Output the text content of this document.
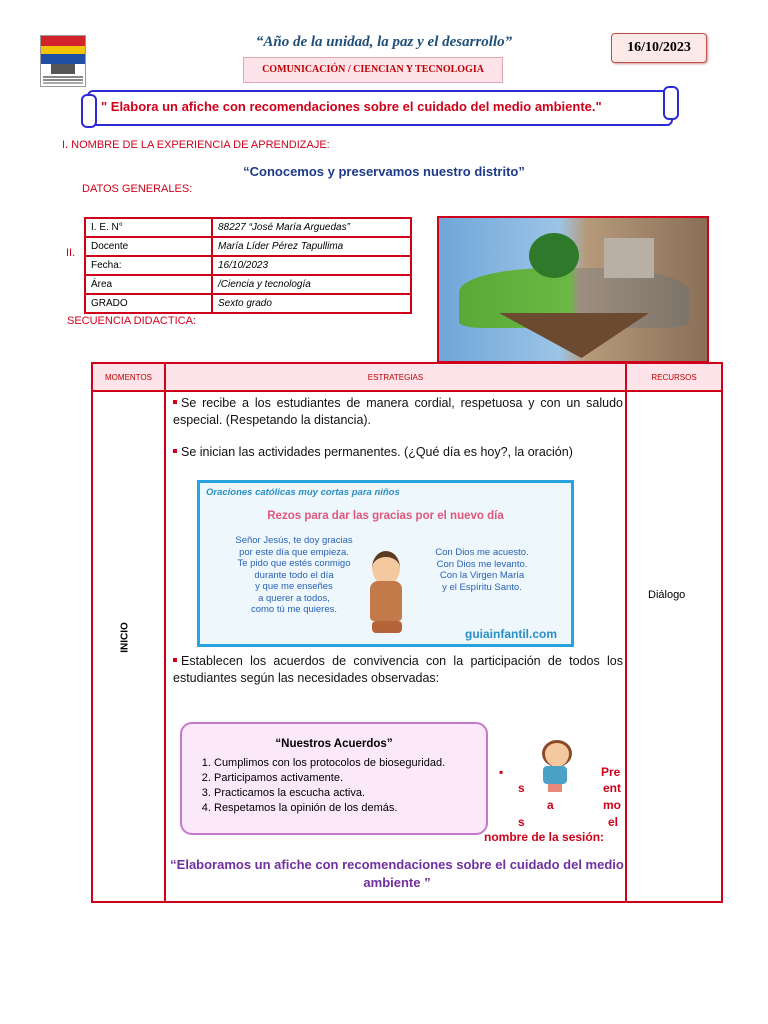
“Año de la unidad, la paz y el desarrollo”	16/10/2023
COMUNICACIÓN / CIENCIAN Y TECNOLOGIA
" Elabora un afiche con recomendaciones sobre el cuidado del medio ambiente."
I. NOMBRE DE LA EXPERIENCIA DE APRENDIZAJE:
“Conocemos y preservamos nuestro distrito”
DATOS GENERALES:
II.
I. E. N°	88227 “José María Arguedas”
Docente	María Líder Pérez Tapullima
Fecha:	16/10/2023
Área	/Ciencia y tecnología
GRADO	Sexto grado
SECUENCIA DIDACTICA:
MOMENTOS	ESTRATEGIAS	RECURSOS

INICIO
Diálogo
Se recibe a los estudiantes de manera cordial, respetuosa y con un saludo especial. (Respetando la distancia).
Se inician las actividades permanentes. (¿Qué día es hoy?, la oración)
Oraciones católicas muy cortas para niños
Rezos para dar las gracias por el nuevo día
Señor Jesús, te doy gracias
por este día que empieza.
Te pido que estés conmigo
durante todo el día
y que me enseñes
a querer a todos,
como tú me quieres.
Con Dios me acuesto.
Con Dios me levanto.
Con la Virgen María
y el Espíritu Santo.
guiainfantil.com
Establecen los acuerdos de convivencia con la participación de todos los estudiantes según las necesidades observadas:
“Nuestros Acuerdos”
1. Cumplimos con los protocolos de bioseguridad.
2. Participamos activamente.
3. Practicamos la escucha activa.
4. Respetamos la opinión de los demás.
▪
s
a
s
Pre
ent
mo
el
nombre de la sesión:
“Elaboramos un afiche con recomendaciones sobre el cuidado del medio ambiente ”
